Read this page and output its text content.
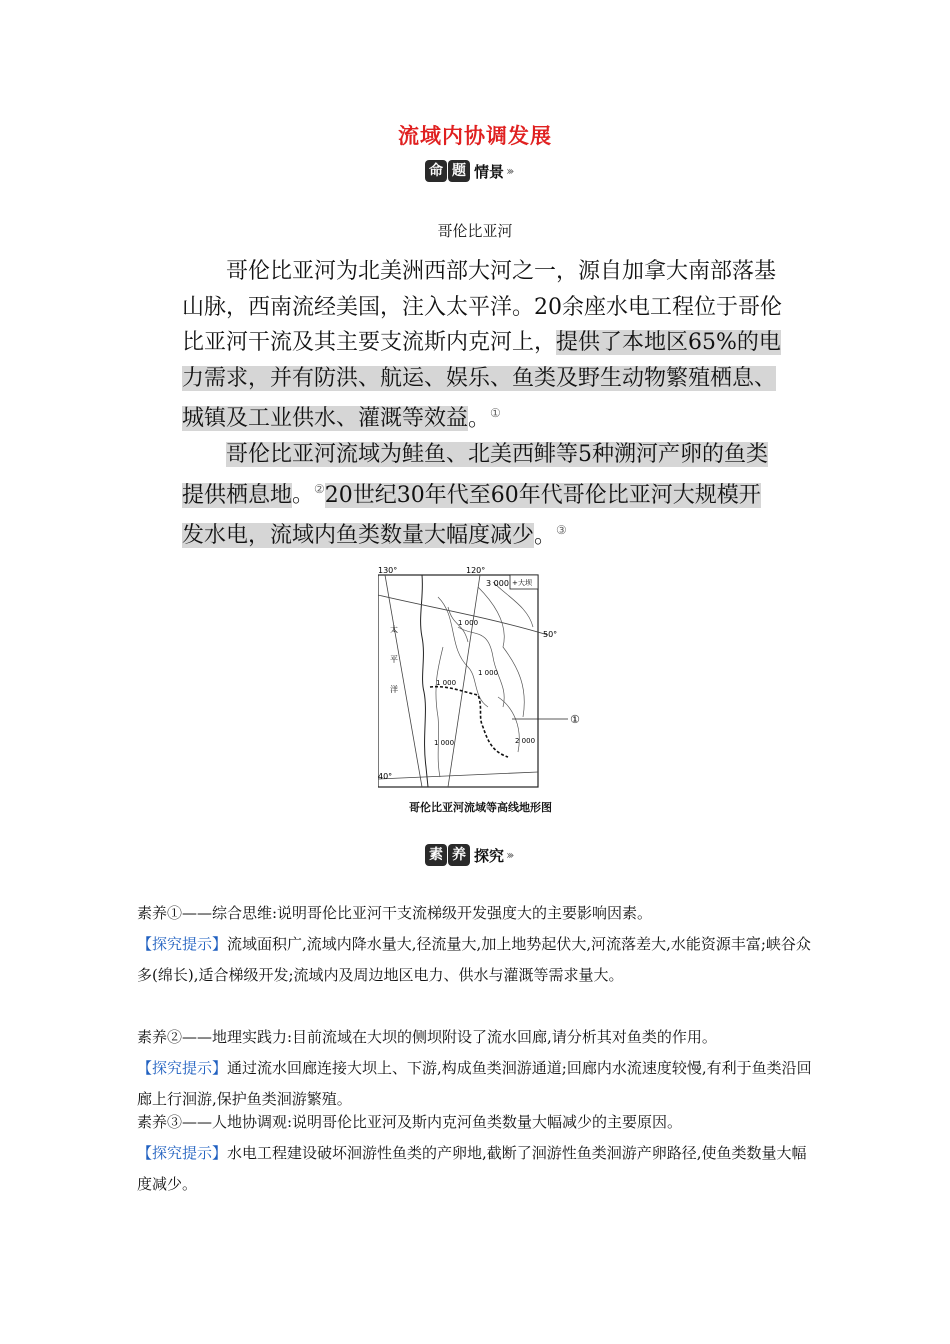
流域内协调发展
命 题 情景 ›››
哥伦比亚河

哥伦比亚河为北美洲西部大河之一，源自加拿大南部落基山脉，西南流经美国，注入太平洋。20余座水电工程位于哥伦比亚河干流及其主要支流斯内克河上，提供了本地区65%的电力需求，并有防洪、航运、娱乐、鱼类及野生动物繁殖栖息、城镇及工业供水、灌溉等效益。①

哥伦比亚河流域为鲑鱼、北美西鲱等5种溯河产卵的鱼类提供栖息地。②20世纪30年代至60年代哥伦比亚河大规模开发水电，流域内鱼类数量大幅度减少。③

+ 大坝
130°	120°
3 000
50°
40°
太
平
洋
1 000
1 000
1 000
1 000	2 000
①
哥伦比亚河流域等高线地形图
素 养 探究 ›››
素养①——综合思维:说明哥伦比亚河干支流梯级开发强度大的主要影响因素。
【探究提示】流域面积广,流域内降水量大,径流量大,加上地势起伏大,河流落差大,水能资源丰富;峡谷众多(绵长),适合梯级开发;流域内及周边地区电力、供水与灌溉等需求量大。
素养②——地理实践力:目前流域在大坝的侧坝附设了流水回廊,请分析其对鱼类的作用。
【探究提示】通过流水回廊连接大坝上、下游,构成鱼类洄游通道;回廊内水流速度较慢,有利于鱼类沿回廊上行洄游,保护鱼类洄游繁殖。
素养③——人地协调观:说明哥伦比亚河及斯内克河鱼类数量大幅减少的主要原因。
【探究提示】水电工程建设破坏洄游性鱼类的产卵地,截断了洄游性鱼类洄游产卵路径,使鱼类数量大幅度减少。
